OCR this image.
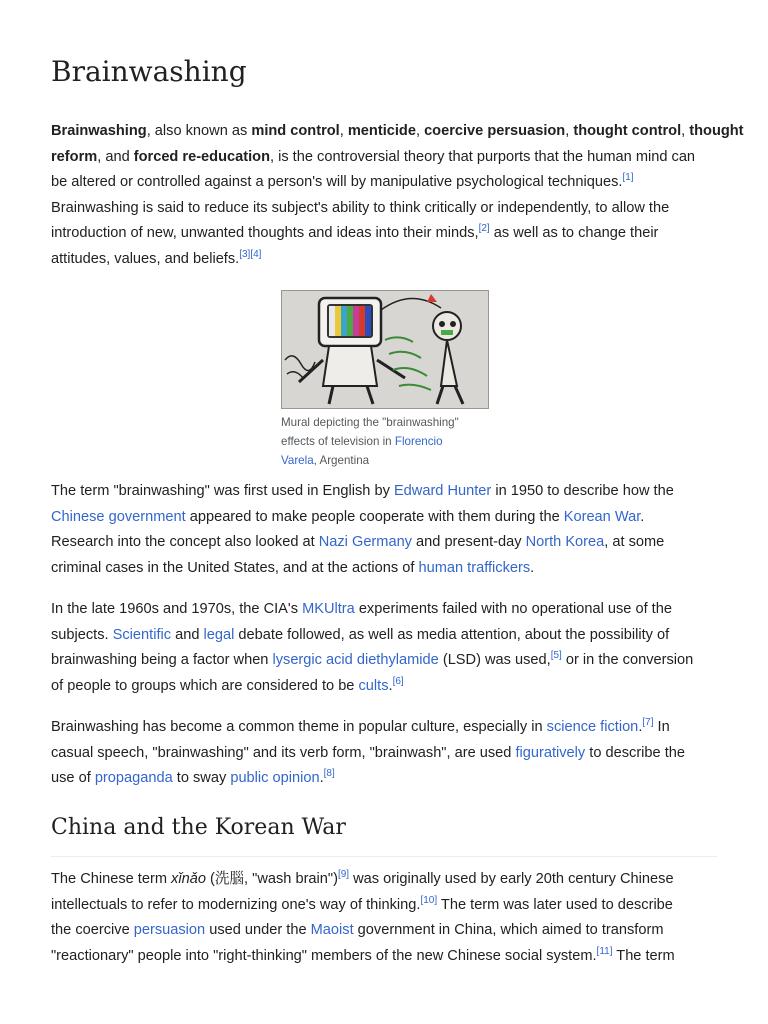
Brainwashing
Brainwashing, also known as mind control, menticide, coercive persuasion, thought control, thought
reform, and forced re-education, is the controversial theory that purports that the human mind can
be altered or controlled against a person's will by manipulative psychological techniques.[1]
Brainwashing is said to reduce its subject's ability to think critically or independently, to allow the
introduction of new, unwanted thoughts and ideas into their minds,[2] as well as to change their
attitudes, values, and beliefs.[3][4]
Mural depicting the "brainwashing"
effects of television in Florencio
Varela, Argentina
The term "brainwashing" was first used in English by Edward Hunter in 1950 to describe how the
Chinese government appeared to make people cooperate with them during the Korean War.
Research into the concept also looked at Nazi Germany and present-day North Korea, at some
criminal cases in the United States, and at the actions of human traffickers.
In the late 1960s and 1970s, the CIA's MKUltra experiments failed with no operational use of the
subjects. Scientific and legal debate followed, as well as media attention, about the possibility of
brainwashing being a factor when lysergic acid diethylamide (LSD) was used,[5] or in the conversion
of people to groups which are considered to be cults.[6]
Brainwashing has become a common theme in popular culture, especially in science fiction.[7] In
casual speech, "brainwashing" and its verb form, "brainwash", are used figuratively to describe the
use of propaganda to sway public opinion.[8]
China and the Korean War
The Chinese term xǐnǎo (洗腦, "wash brain")[9] was originally used by early 20th century Chinese
intellectuals to refer to modernizing one's way of thinking.[10] The term was later used to describe
the coercive persuasion used under the Maoist government in China, which aimed to transform
"reactionary" people into "right-thinking" members of the new Chinese social system.[11] The term
